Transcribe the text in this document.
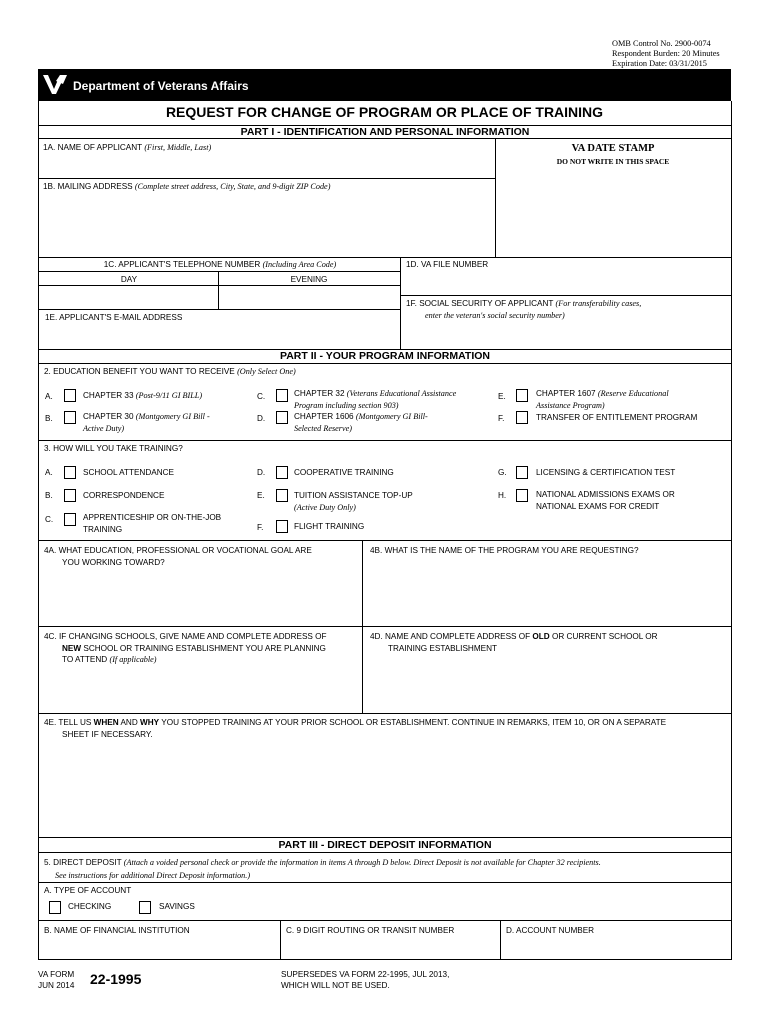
OMB Control No. 2900-0074
Respondent Burden: 20 Minutes
Expiration Date: 03/31/2015
Department of Veterans Affairs
REQUEST FOR CHANGE OF PROGRAM OR PLACE OF TRAINING
PART I - IDENTIFICATION AND PERSONAL INFORMATION
1A. NAME OF APPLICANT (First, Middle, Last)	VA DATE STAMP
DO NOT WRITE IN THIS SPACE
1B. MAILING ADDRESS (Complete street address, City, State, and 9-digit ZIP Code)
1C. APPLICANT'S TELEPHONE NUMBER (Including Area Code)
DAY	EVENING
1D. VA FILE NUMBER
1F. SOCIAL SECURITY OF APPLICANT (For transferability cases,
enter the veteran's social security number)
1E. APPLICANT'S E-MAIL ADDRESS
PART II - YOUR PROGRAM INFORMATION
2. EDUCATION BENEFIT YOU WANT TO RECEIVE (Only Select One)
A.	CHAPTER 33 (Post-9/11 GI BILL)
B.	CHAPTER 30 (Montgomery GI Bill -
Active Duty)
C.	CHAPTER 32 (Veterans Educational Assistance
Program including section 903)
D.	CHAPTER 1606 (Montgomery GI Bill-
Selected Reserve)
E.	CHAPTER 1607 (Reserve Educational
Assistance Program)
F.	TRANSFER OF ENTITLEMENT PROGRAM
3. HOW WILL YOU TAKE TRAINING?
A.	SCHOOL ATTENDANCE
B.	CORRESPONDENCE
C.	APPRENTICESHIP OR ON-THE-JOB
TRAINING
D.	COOPERATIVE TRAINING
E.	TUITION ASSISTANCE TOP-UP
(Active Duty Only)
F.	FLIGHT TRAINING
G.	LICENSING & CERTIFICATION TEST
H.	NATIONAL ADMISSIONS EXAMS OR
NATIONAL EXAMS FOR CREDIT
4A. WHAT EDUCATION, PROFESSIONAL OR VOCATIONAL GOAL ARE
YOU WORKING TOWARD?
4B. WHAT IS THE NAME OF THE PROGRAM YOU ARE REQUESTING?
4C. IF CHANGING SCHOOLS, GIVE NAME AND COMPLETE ADDRESS OF
NEW SCHOOL OR TRAINING ESTABLISHMENT YOU ARE PLANNING
TO ATTEND (If applicable)
4D. NAME AND COMPLETE ADDRESS OF OLD OR CURRENT SCHOOL OR
TRAINING ESTABLISHMENT
4E. TELL US WHEN AND WHY YOU STOPPED TRAINING AT YOUR PRIOR SCHOOL OR ESTABLISHMENT. CONTINUE IN REMARKS, ITEM 10, OR ON A SEPARATE
SHEET IF NECESSARY.
PART III - DIRECT DEPOSIT INFORMATION
5. DIRECT DEPOSIT (Attach a voided personal check or provide the information in items A through D below. Direct Deposit is not available for Chapter 32 recipients.
See instructions for additional Direct Deposit information.)
A. TYPE OF ACCOUNT
CHECKING	SAVINGS
B. NAME OF FINANCIAL INSTITUTION	C. 9 DIGIT ROUTING OR TRANSIT NUMBER	D. ACCOUNT NUMBER
VA FORM
JUN 2014 22-1995	SUPERSEDES VA FORM 22-1995, JUL 2013,
WHICH WILL NOT BE USED.
